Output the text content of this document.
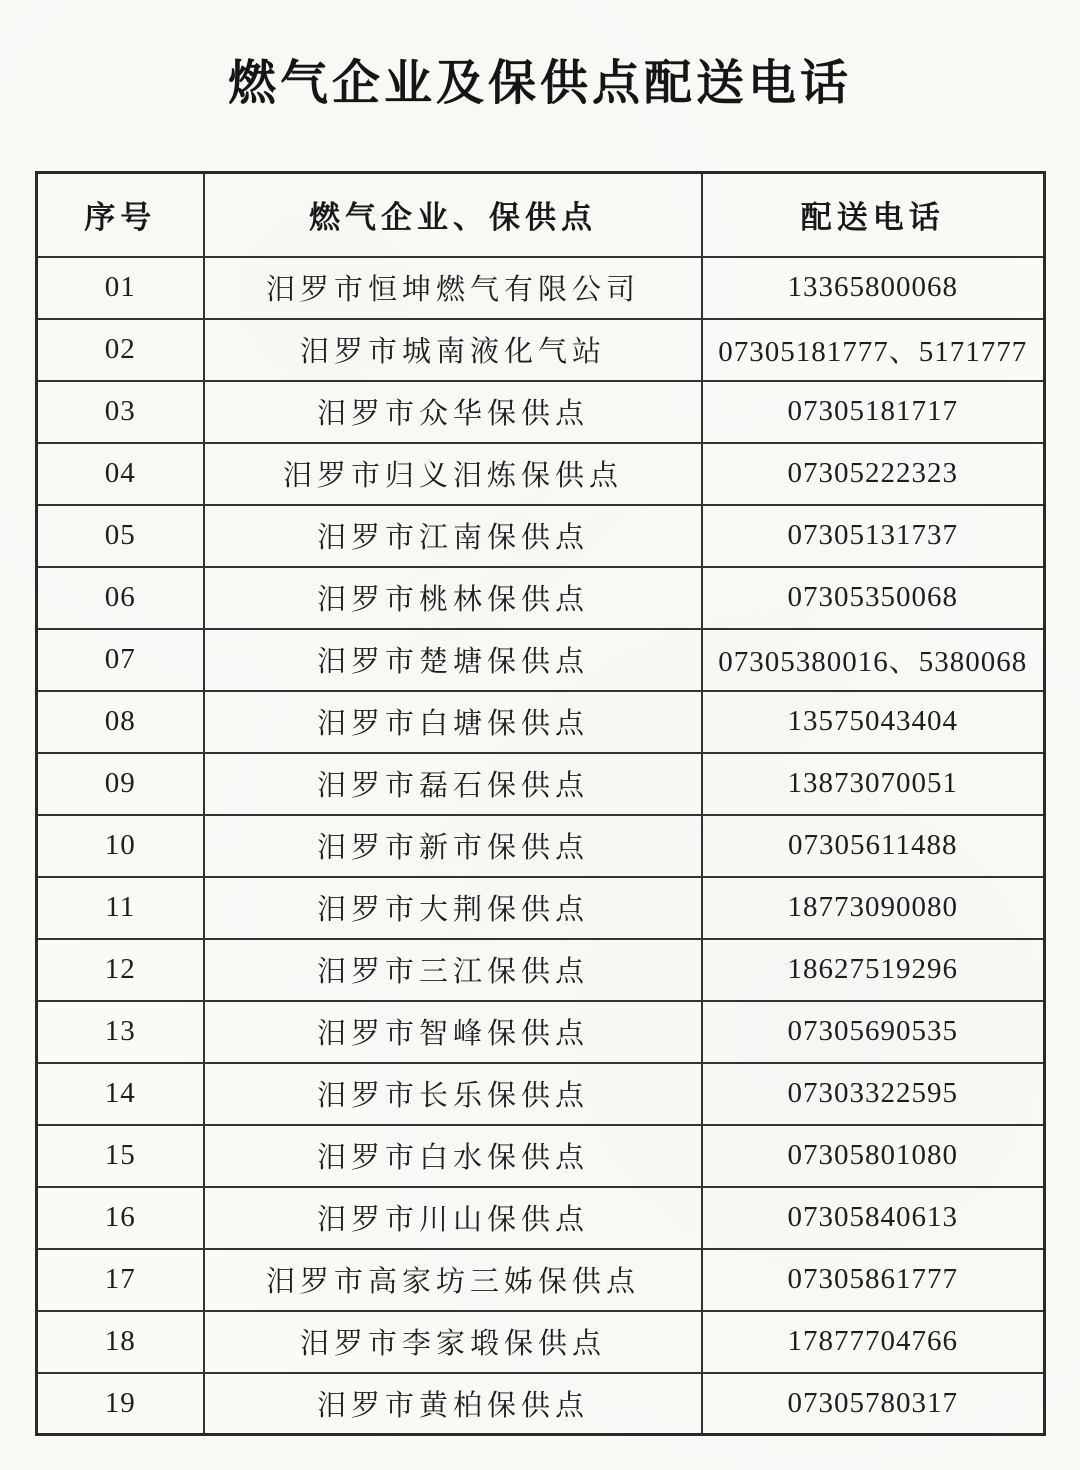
燃气企业及保供点配送电话
序号	燃气企业、保供点	配送电话
01	汨罗市恒坤燃气有限公司	13365800068
02	汨罗市城南液化气站	07305181777、5171777
03	汨罗市众华保供点	07305181717
04	汨罗市归义汨炼保供点	07305222323
05	汨罗市江南保供点	07305131737
06	汨罗市桃林保供点	07305350068
07	汨罗市楚塘保供点	07305380016、5380068
08	汨罗市白塘保供点	13575043404
09	汨罗市磊石保供点	13873070051
10	汨罗市新市保供点	07305611488
11	汨罗市大荆保供点	18773090080
12	汨罗市三江保供点	18627519296
13	汨罗市智峰保供点	07305690535
14	汨罗市长乐保供点	07303322595
15	汨罗市白水保供点	07305801080
16	汨罗市川山保供点	07305840613
17	汨罗市高家坊三姊保供点	07305861777
18	汨罗市李家塅保供点	17877704766
19	汨罗市黄柏保供点	07305780317
